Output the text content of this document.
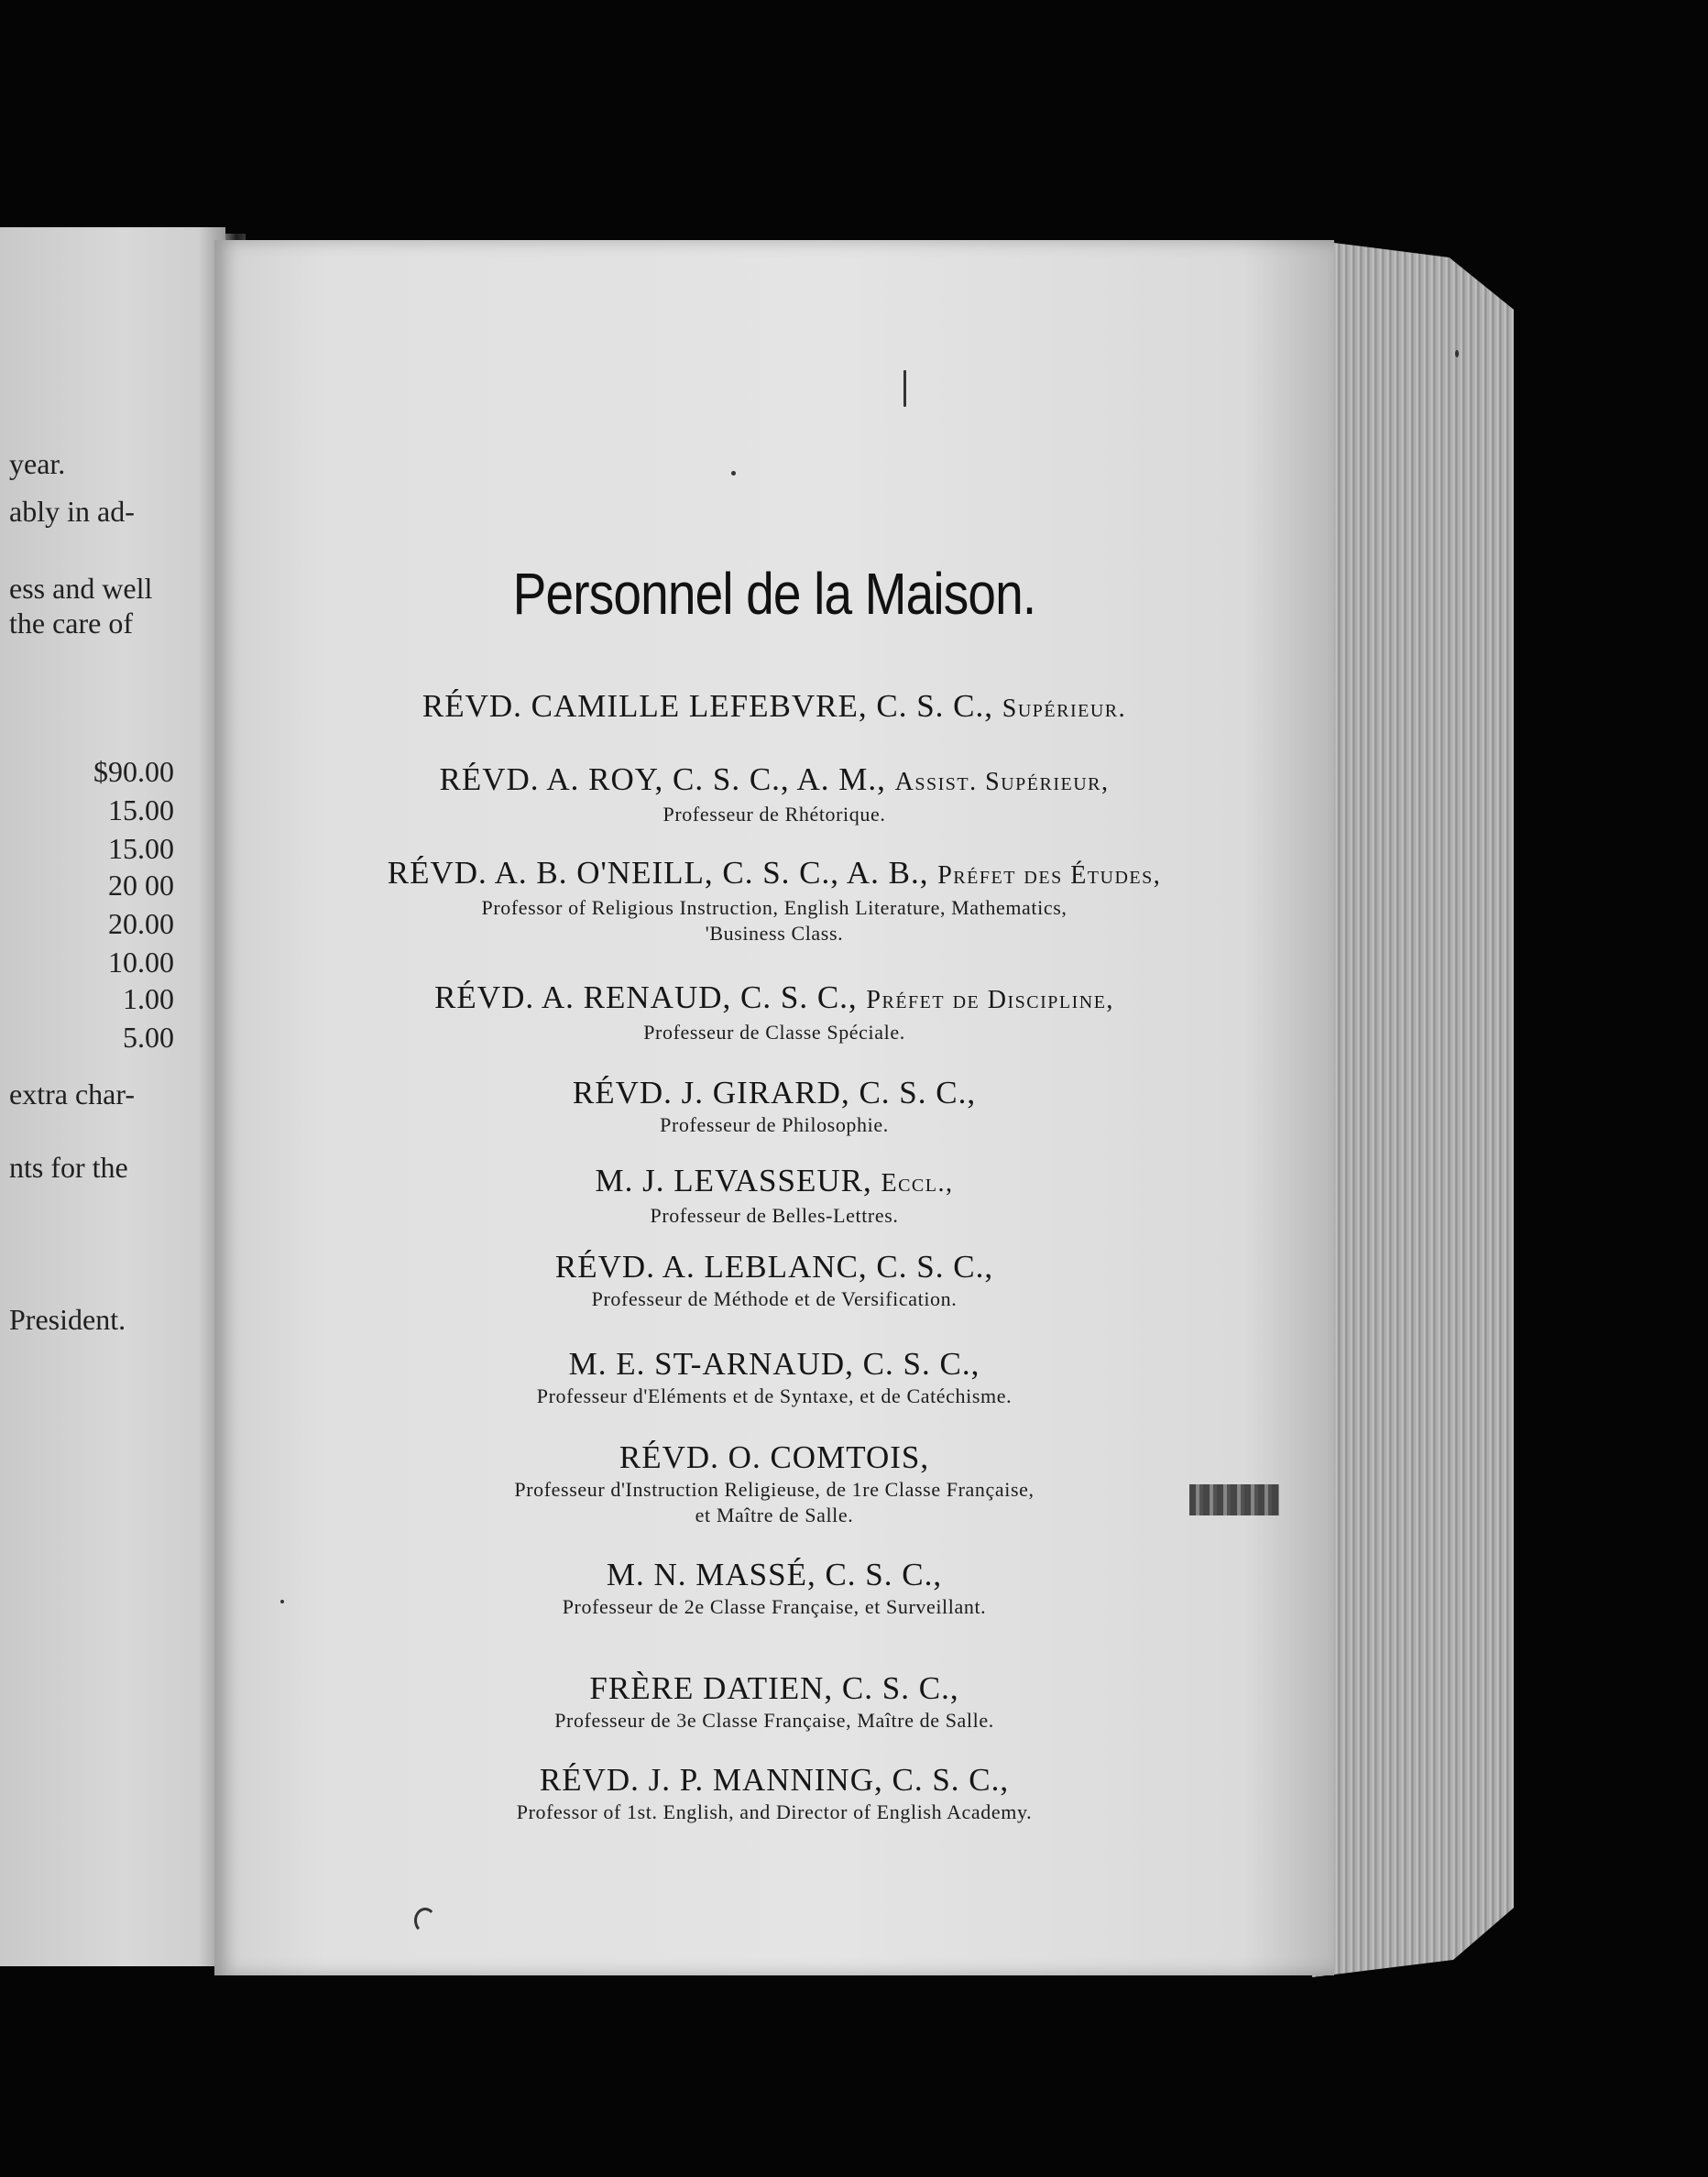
year.
ably in ad-
ess and well
the care of
$90.00
15.00
15.00
20 00
20.00
10.00
1.00
5.00
extra char-
nts for the
President.
Personnel de la Maison.
RÉVD. CAMILLE LEFEBVRE, C. S. C., Supérieur.
RÉVD. A. ROY, C. S. C., A. M., Assist. Supérieur,
Professeur de Rhétorique.
RÉVD. A. B. O'NEILL, C. S. C., A. B., Préfet des Études,
Professor of Religious Instruction, English Literature, Mathematics,
'Business Class.
RÉVD. A. RENAUD, C. S. C., Préfet de Discipline,
Professeur de Classe Spéciale.
RÉVD. J. GIRARD, C. S. C.,
Professeur de Philosophie.
M. J. LEVASSEUR, Eccl.,
Professeur de Belles-Lettres.
RÉVD. A. LEBLANC, C. S. C.,
Professeur de Méthode et de Versification.
M. E. ST-ARNAUD, C. S. C.,
Professeur d'Eléments et de Syntaxe, et de Catéchisme.
RÉVD. O. COMTOIS,
Professeur d'Instruction Religieuse, de 1re Classe Française,
et Maître de Salle.
M. N. MASSÉ, C. S. C.,
Professeur de 2e Classe Française, et Surveillant.
FRÈRE DATIEN, C. S. C.,
Professeur de 3e Classe Française, Maître de Salle.
RÉVD. J. P. MANNING, C. S. C.,
Professor of 1st. English, and Director of English Academy.
